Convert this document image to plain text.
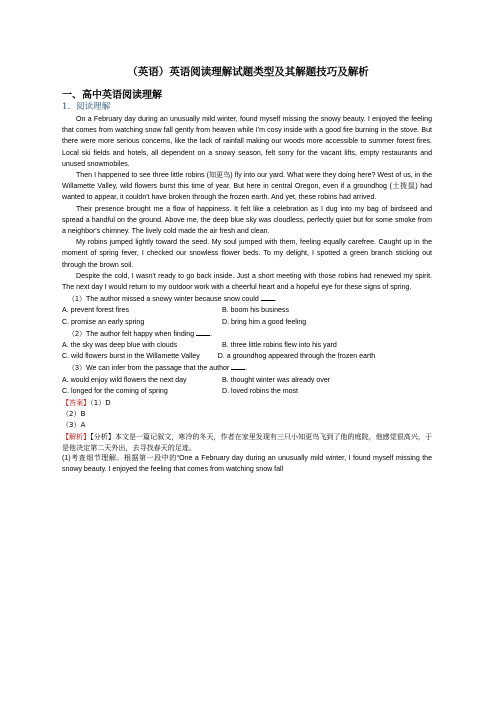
（英语）英语阅读理解试题类型及其解题技巧及解析
一、高中英语阅读理解
1. 阅读理解

On a February day during an unusually mild winter, found myself missing the snowy beauty. I enjoyed the feeling that comes from watching snow fall gently from heaven while I'm cosy inside with a good fire burning in the stove. But there were more serious concerns, like the lack of rainfall making our woods more accessible to summer forest fires. Local ski fields and hotels, all dependent on a snowy season, felt sorry for the vacant lifts, empty restaurants and unused snowmobiles.

Then I happened to see three little robins (知更鸟) fly into our yard. What were they doing here? West of us, in the Willamette Valley, wild flowers burst this time of year. But here in central Oregon, even if a groundhog (土拨鼠) had wanted to appear, it couldn't have broken through the frozen earth. And yet, these robins had arrived.

Their presence brought me a flow of happiness. It felt like a celebration as I dug into my bag of birdseed and spread a handful on the ground. Above me, the deep blue sky was cloudless, perfectly quiet but for some smoke from a neighbor's chimney. The lively cold made the air fresh and clean.

My robins jumped lightly toward the seed. My soul jumped with them, feeling equally carefree. Caught up in the moment of spring fever, I checked our snowless flower beds. To my delight, I spotted a green branch sticking out through the brown soil.

Despite the cold, I wasn't ready to go back inside. Just a short meeting with those robins had renewed my spirit. The next day I would return to my outdoor work with a cheerful heart and a hopeful eye for these signs of spring.

（1）The author missed a snowy winter because snow could .
A. prevent forest fires	B. boom his business
C. promise an early spring	D. bring him a good feeling
（2）The author felt happy when finding .
A. the sky was deep blue with clouds	B. three little robins flew into his yard
C. wild flowers burst in the Willamette Valley	D. a groundhog appeared through the frozen earth
（3）We can infer from the passage that the author .
A. would enjoy wild flowers the next day	B. thought winter was already over
C. longed for the coming of spring	D. loved robins the most
【答案】（1）D
（2）B
（3）A
【解析】【分析】本文是一篇记叙文，寒冷的冬天，作者在家里发现有三只小知更鸟飞到了他的庭院，他感觉很高兴，于是他决定第二天外出，去寻找春天的足迹。
(1)考查细节理解。根据第一段中的“One a February day during an unusually mild winter, I found myself missing the snowy beauty. I enjoyed the feeling that comes from watching snow fall
